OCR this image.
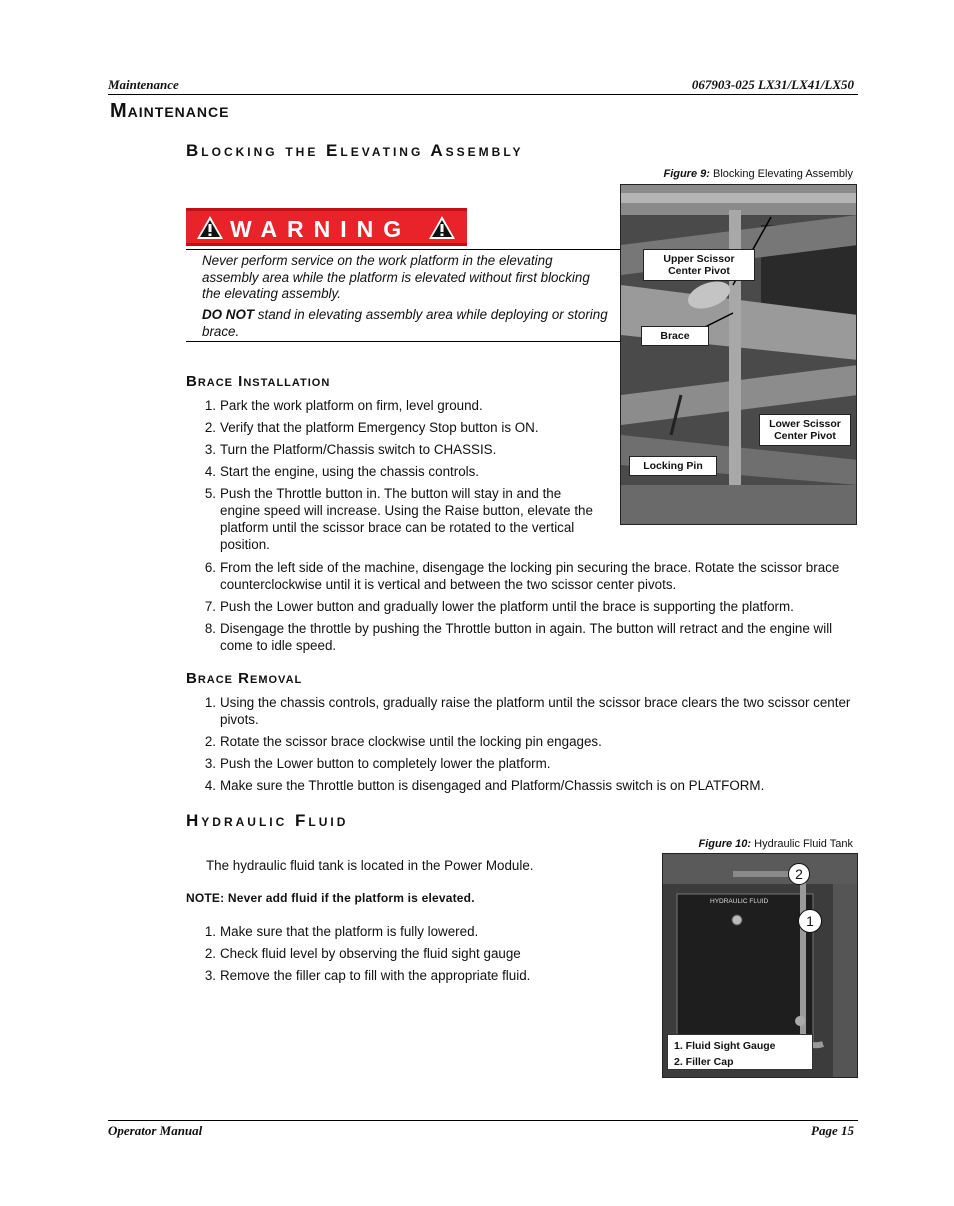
Maintenance	067903-025 LX31/LX41/LX50
Maintenance
Blocking the Elevating Assembly
WARNING
Never perform service on the work platform in the elevating assembly area while the platform is elevated without first blocking the elevating assembly.
DO NOT stand in elevating assembly area while deploying or storing brace.
Figure 9: Blocking Elevating Assembly
Upper Scissor Center Pivot
Brace
Lower Scissor Center Pivot
Locking Pin
Brace Installation
1. Park the work platform on firm, level ground.
2. Verify that the platform Emergency Stop button is ON.
3. Turn the Platform/Chassis switch to CHASSIS.
4. Start the engine, using the chassis controls.
5. Push the Throttle button in. The button will stay in and the engine speed will increase. Using the Raise button, elevate the platform until the scissor brace can be rotated to the vertical position.
6. From the left side of the machine, disengage the locking pin securing the brace. Rotate the scissor brace counterclockwise until it is vertical and between the two scissor center pivots.
7. Push the Lower button and gradually lower the platform until the brace is supporting the platform.
8. Disengage the throttle by pushing the Throttle button in again. The button will retract and the engine will come to idle speed.
Brace Removal
1. Using the chassis controls, gradually raise the platform until the scissor brace clears the two scissor center pivots.
2. Rotate the scissor brace clockwise until the locking pin engages.
3. Push the Lower button to completely lower the platform.
4. Make sure the Throttle button is disengaged and Platform/Chassis switch is on PLATFORM.
Hydraulic Fluid
The hydraulic fluid tank is located in the Power Module.
NOTE: Never add fluid if the platform is elevated.
1. Make sure that the platform is fully lowered.
2. Check fluid level by observing the fluid sight gauge
3. Remove the filler cap to fill with the appropriate fluid.
Figure 10: Hydraulic Fluid Tank
HYDRAULIC FLUID
2
1
1. Fluid Sight Gauge
2. Filler Cap
Operator Manual	Page 15
